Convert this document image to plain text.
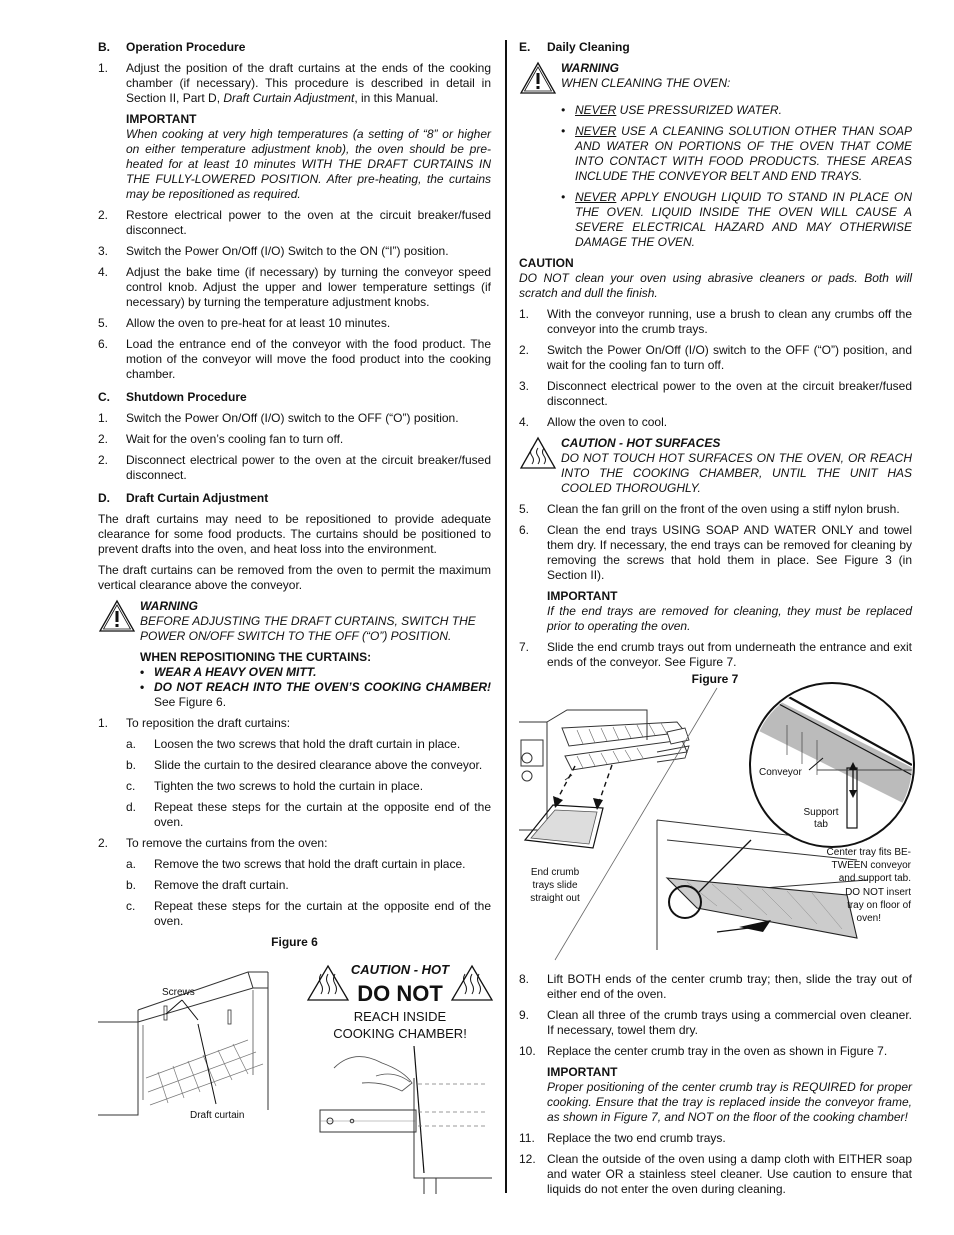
B.	Operation Procedure
1.	Adjust the position of the draft curtains at the ends of the cooking chamber (if necessary). This procedure is described in detail in Section II, Part D, Draft Curtain Adjustment, in this Manual.
IMPORTANT
When cooking at very high temperatures (a setting of “8” or higher on either temperature adjustment knob), the oven should be pre-heated for at least 10 minutes WITH THE DRAFT CURTAINS IN THE FULLY-LOWERED POSITION. After pre-heating, the curtains may be repositioned as required.
2.	Restore electrical power to the oven at the circuit breaker/fused disconnect.
3.	Switch the Power On/Off (I/O) Switch to the ON (“I”) position.
4.	Adjust the bake time (if necessary) by turning the conveyor speed control knob. Adjust the upper and lower temperature settings (if necessary) by turning the temperature adjustment knobs.
5.	Allow the oven to pre-heat for at least 10 minutes.
6.	Load the entrance end of the conveyor with the food product. The motion of the conveyor will move the food product into the cooking chamber.
C.	Shutdown Procedure
1.	Switch the Power On/Off (I/O) switch to the OFF (“O”) position.
2.	Wait for the oven’s cooling fan to turn off.
2.	Disconnect electrical power to the oven at the circuit breaker/fused disconnect.
D.	Draft Curtain Adjustment
The draft curtains may need to be repositioned to provide adequate clearance for some food products. The curtains should be positioned to prevent drafts into the oven, and heat loss into the environment.
The draft curtains can be removed from the oven to permit the maximum vertical clearance above the conveyor.
WARNING
BEFORE ADJUSTING THE DRAFT CURTAINS, SWITCH THE POWER ON/OFF SWITCH TO THE OFF (“O”) POSITION.
WHEN REPOSITIONING THE CURTAINS:
• WEAR A HEAVY OVEN MITT.
• DO NOT REACH INTO THE OVEN’S COOKING CHAMBER! See Figure 6.
1.	To reposition the draft curtains:
a.	Loosen the two screws that hold the draft curtain in place.
b.	Slide the curtain to the desired clearance above the conveyor.
c.	Tighten the two screws to hold the curtain in place.
d.	Repeat these steps for the curtain at the opposite end of the oven.
2.	To remove the curtains from the oven:
a.	Remove the two screws that hold the draft curtain in place.
b.	Remove the draft curtain.
c.	Repeat these steps for the curtain at the opposite end of the oven.
Figure 6
Screws
Draft curtain
CAUTION - HOT
DO NOT
REACH INSIDE
COOKING CHAMBER!
E.	Daily Cleaning
WARNING
WHEN CLEANING THE OVEN:
• NEVER USE PRESSURIZED WATER.
• NEVER USE A CLEANING SOLUTION OTHER THAN SOAP AND WATER ON PORTIONS OF THE OVEN THAT COME INTO CONTACT WITH FOOD PRODUCTS. THESE AREAS INCLUDE THE CONVEYOR BELT AND END TRAYS.
• NEVER APPLY ENOUGH LIQUID TO STAND IN PLACE ON THE OVEN. LIQUID INSIDE THE OVEN WILL CAUSE A SEVERE ELECTRICAL HAZARD AND MAY OTHERWISE DAMAGE THE OVEN.
CAUTION
DO NOT clean your oven using abrasive cleaners or pads. Both will scratch and dull the finish.
1.	With the conveyor running, use a brush to clean any crumbs off the conveyor into the crumb trays.
2.	Switch the Power On/Off (I/O) switch to the OFF (“O”) position, and wait for the cooling fan to turn off.
3.	Disconnect electrical power to the oven at the circuit breaker/fused disconnect.
4.	Allow the oven to cool.
CAUTION - HOT SURFACES
DO NOT TOUCH HOT SURFACES ON THE OVEN, OR REACH INTO THE COOKING CHAMBER, UNTIL THE UNIT HAS COOLED THOROUGHLY.
5.	Clean the fan grill on the front of the oven using a stiff nylon brush.
6.	Clean the end trays USING SOAP AND WATER ONLY and towel them dry. If necessary, the end trays can be removed for cleaning by removing the screws that hold them in place. See Figure 3 (in Section II).
IMPORTANT
If the end trays are removed for cleaning, they must be replaced prior to operating the oven.
7.	Slide the end crumb trays out from underneath the entrance and exit ends of the conveyor. See Figure 7.
Figure 7
Conveyor
Support
tab
End crumb
trays slide
straight out
Center tray fits BE-
TWEEN conveyor
and support tab.
DO NOT insert
tray on floor of
oven!
8.	Lift BOTH ends of the center crumb tray; then, slide the tray out of either end of the oven.
9.	Clean all three of the crumb trays using a commercial oven cleaner. If necessary, towel them dry.
10. Replace the center crumb tray in the oven as shown in Figure 7.
IMPORTANT
Proper positioning of the center crumb tray is REQUIRED for proper cooking. Ensure that the tray is replaced inside the conveyor frame, as shown in Figure 7, and NOT on the floor of the cooking chamber!
11.	Replace the two end crumb trays.
12. Clean the outside of the oven using a damp cloth with EITHER soap and water OR a stainless steel cleaner. Use caution to ensure that liquids do not enter the oven during cleaning.
